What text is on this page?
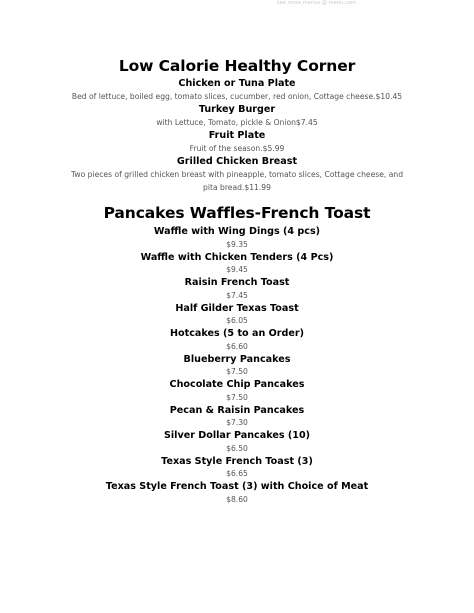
see more menus @ menu.com
Low Calorie Healthy Corner
Chicken or Tuna Plate
Bed of lettuce, boiled egg, tomato slices, cucumber, red onion, Cottage cheese.$10.45
Turkey Burger
with Lettuce, Tomato, pickle & Onion$7.45
Fruit Plate
Fruit of the season.$5.99
Grilled Chicken Breast
Two pieces of grilled chicken breast with pineapple, tomato slices, Cottage cheese, and pita bread.$11.99
Pancakes Waffles-French Toast
Waffle with Wing Dings (4 pcs)
$9.35
Waffle with Chicken Tenders (4 Pcs)
$9.45
Raisin French Toast
$7.45
Half Gilder Texas Toast
$6.05
Hotcakes (5 to an Order)
$6.60
Blueberry Pancakes
$7.50
Chocolate Chip Pancakes
$7.50
Pecan & Raisin Pancakes
$7.30
Silver Dollar Pancakes (10)
$6.50
Texas Style French Toast (3)
$6.65
Texas Style French Toast (3) with Choice of Meat
$8.60
